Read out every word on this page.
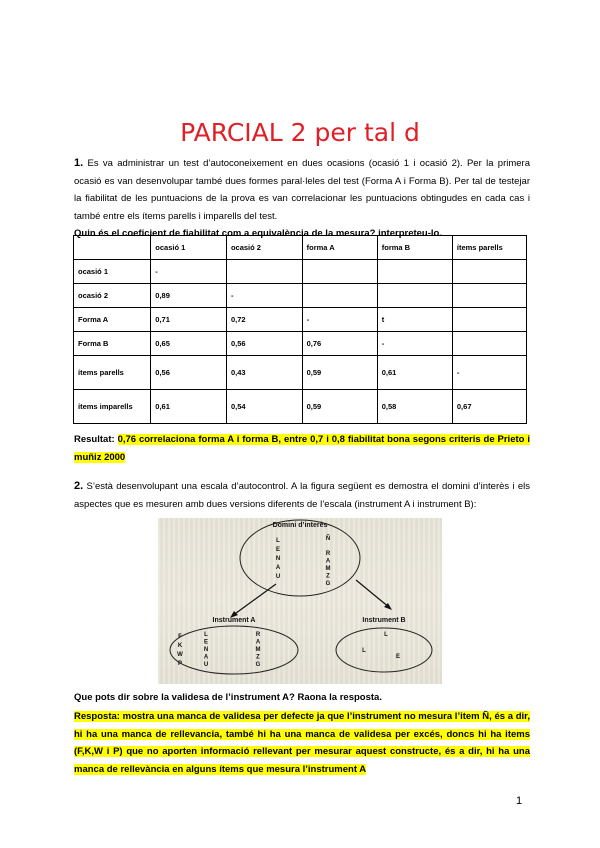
PARCIAL 2 per tal d
1. Es va administrar un test d’autoconeixement en dues ocasions (ocasió 1 i ocasió 2). Per la primera ocasió es van desenvolupar també dues formes paral·leles del test (Forma A i Forma B). Per tal de testejar la fiabilitat de les puntuacions de la prova es van correlacionar les puntuacions obtingudes en cada cas i també entre els ítems parells i imparells del test.
Quin és el coeficient de fiabilitat com a equivalència de la mesura? interpreteu-lo.
	ocasió 1	ocasió 2	forma A	forma B	ítems parells
ocasió 1	-				
ocasió 2	0,89	-			
Forma A	0,71	0,72	-	t	
Forma B	0,65	0,56	0,76	-	
ítems parells	0,56	0,43	0,59	0,61	-
ítems imparells	0,61	0,54	0,59	0,58	0,67
Resultat: 0,76 correlaciona forma A i forma B, entre 0,7 i 0,8 fiabilitat bona segons criteris de Prieto i muñiz 2000
2. S’està desenvolupant una escala d’autocontrol. A la figura següent es demostra el domini d’interès i els aspectes que es mesuren amb dues versions diferents de l’escala (instrument A i instrument B):
Domini d’interès
L
E
N
A
U
Ñ
R
A
M
Z
G
Instrument A	Instrument B
F
K
W
P
L
E
N
A
U
R
A
M
Z
G
L
L
E
Que pots dir sobre la validesa de l’instrument A? Raona la resposta.
Resposta: mostra una manca de validesa per defecte ja que l’instrument no mesura l’item Ñ, és a dir, hi ha una manca de rellevancia, també hi ha una manca de validesa per excés, doncs hi ha items (F,K,W i P) que no aporten informació rellevant per mesurar aquest constructe, és a dir, hi ha una manca de rellevància en alguns ítems que mesura l’instrument A
1
